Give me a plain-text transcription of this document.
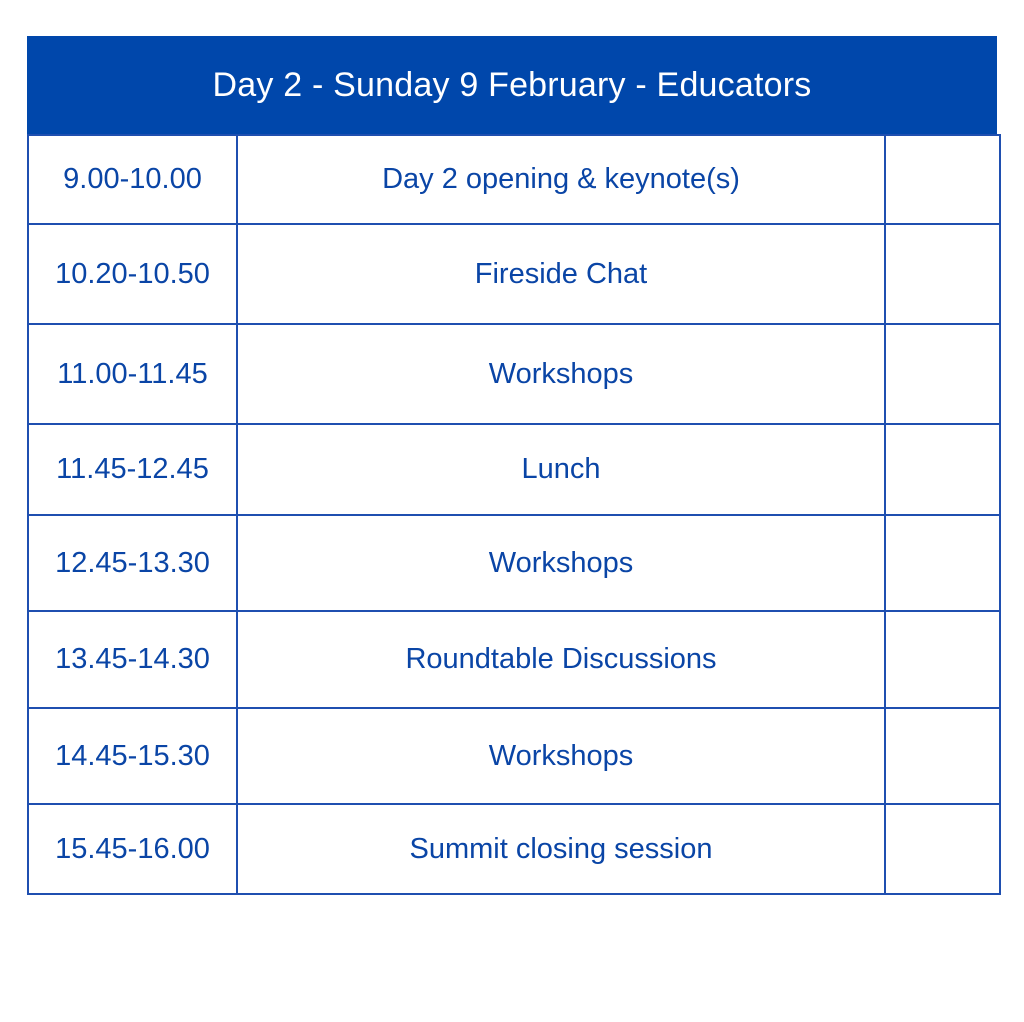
Day 2 - Sunday 9 February - Educators
9.00-10.00	Day 2 opening & keynote(s)	
10.20-10.50	Fireside Chat	
11.00-11.45	Workshops	
11.45-12.45	Lunch	
12.45-13.30	Workshops	
13.45-14.30	Roundtable Discussions	
14.45-15.30	Workshops	
15.45-16.00	Summit closing session	
